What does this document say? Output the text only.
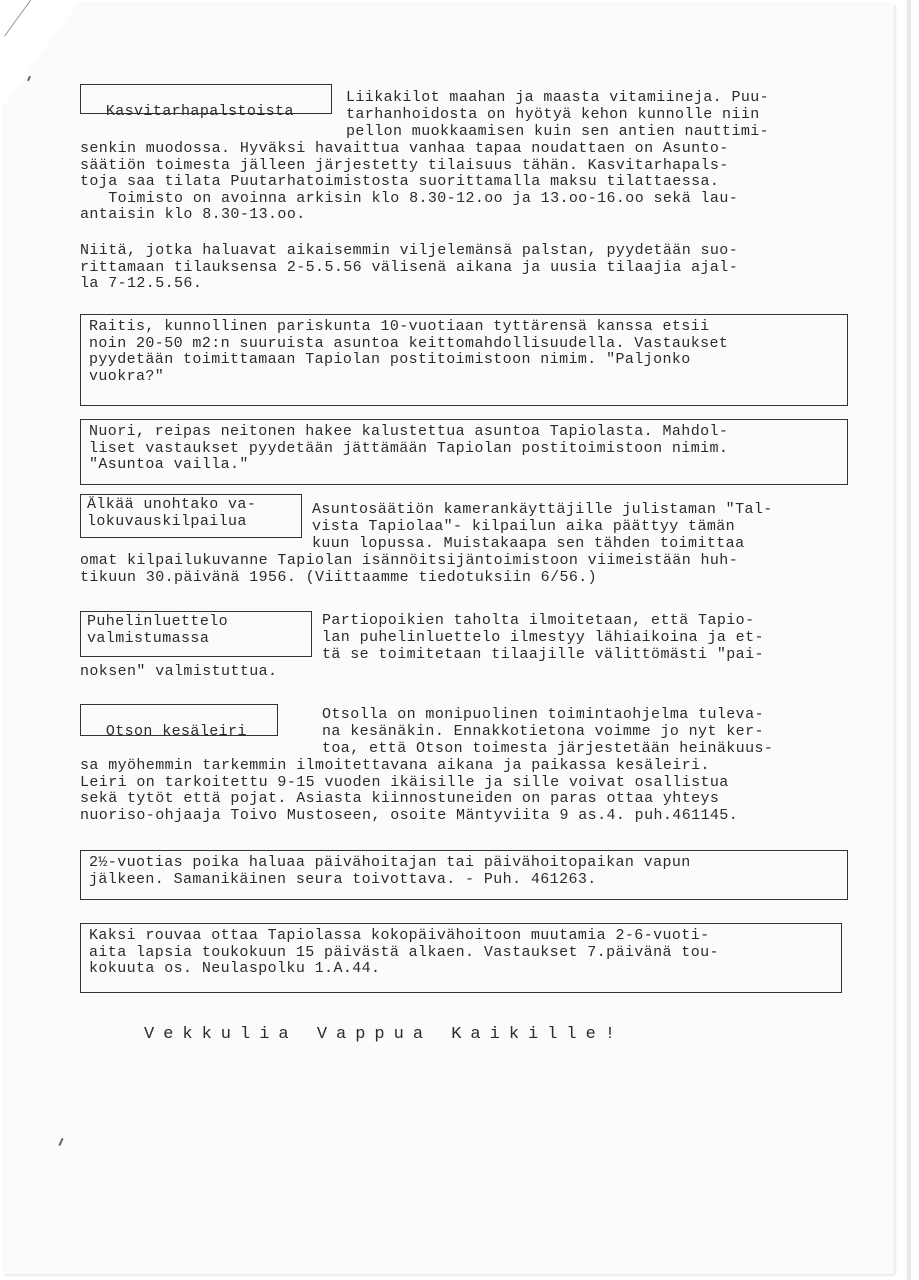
Kasvitarhapalstoista

Liikakilot maahan ja maasta vitamiineja. Puu-

tarhanhoidosta on hyötyä kehon kunnolle niin

pellon muokkaamisen kuin sen antien nauttimi-

senkin muodossa. Hyväksi havaittua vanhaa tapaa noudattaen on Asunto-
säätiön toimesta jälleen järjestetty tilaisuus tähän. Kasvitarhapals-
toja saa tilata Puutarhatoimistosta suorittamalla maksu tilattaessa.
Toimisto on avoinna arkisin klo 8.30-12.oo ja 13.oo-16.oo sekä lau-
antaisin klo 8.30-13.oo.

Niitä, jotka haluavat aikaisemmin viljelemänsä palstan, pyydetään suo-
rittamaan tilauksensa 2-5.5.56 välisenä aikana ja uusia tilaajia ajal-
la 7-12.5.56.

Raitis, kunnollinen pariskunta 10-vuotiaan tyttärensä kanssa etsii
noin 20-50 m2:n suuruista asuntoa keittomahdollisuudella. Vastaukset
pyydetään toimittamaan Tapiolan postitoimistoon nimim. "Paljonko
vuokra?"

Nuori, reipas neitonen hakee kalustettua asuntoa Tapiolasta. Mahdol-
liset vastaukset pyydetään jättämään Tapiolan postitoimistoon nimim.
"Asuntoa vailla."

Älkää unohtako va-
lokuvauskilpailua

Asuntosäätiön kamerankäyttäjille julistaman "Tal-

vista Tapiolaa"- kilpailun aika päättyy tämän

kuun lopussa. Muistakaapa sen tähden toimittaa

omat kilpailukuvanne Tapiolan isännöitsijäntoimistoon viimeistään huh-
tikuun 30.päivänä 1956. (Viittaamme tiedotuksiin 6/56.)

Puhelinluettelo
valmistumassa

Partiopoikien taholta ilmoitetaan, että Tapio-

lan puhelinluettelo ilmestyy lähiaikoina ja et-

tä se toimitetaan tilaajille välittömästi "pai-

noksen" valmistuttua.

Otson kesäleiri

Otsolla on monipuolinen toimintaohjelma tuleva-

na kesänäkin. Ennakkotietona voimme jo nyt ker-

toa, että Otson toimesta järjestetään heinäkuus-

sa myöhemmin tarkemmin ilmoitettavana aikana ja paikassa kesäleiri.
Leiri on tarkoitettu 9-15 vuoden ikäisille ja sille voivat osallistua
sekä tytöt että pojat. Asiasta kiinnostuneiden on paras ottaa yhteys
nuoriso-ohjaaja Toivo Mustoseen, osoite Mäntyviita 9 as.4. puh.461145.

2½-vuotias poika haluaa päivähoitajan tai päivähoitopaikan vapun
jälkeen. Samanikäinen seura toivottava. - Puh. 461263.

Kaksi rouvaa ottaa Tapiolassa kokopäivähoitoon muutamia 2-6-vuoti-
aita lapsia toukokuun 15 päivästä alkaen. Vastaukset 7.päivänä tou-
kokuuta os. Neulaspolku 1.A.44.

Vekkulia Vappua Kaikille!
